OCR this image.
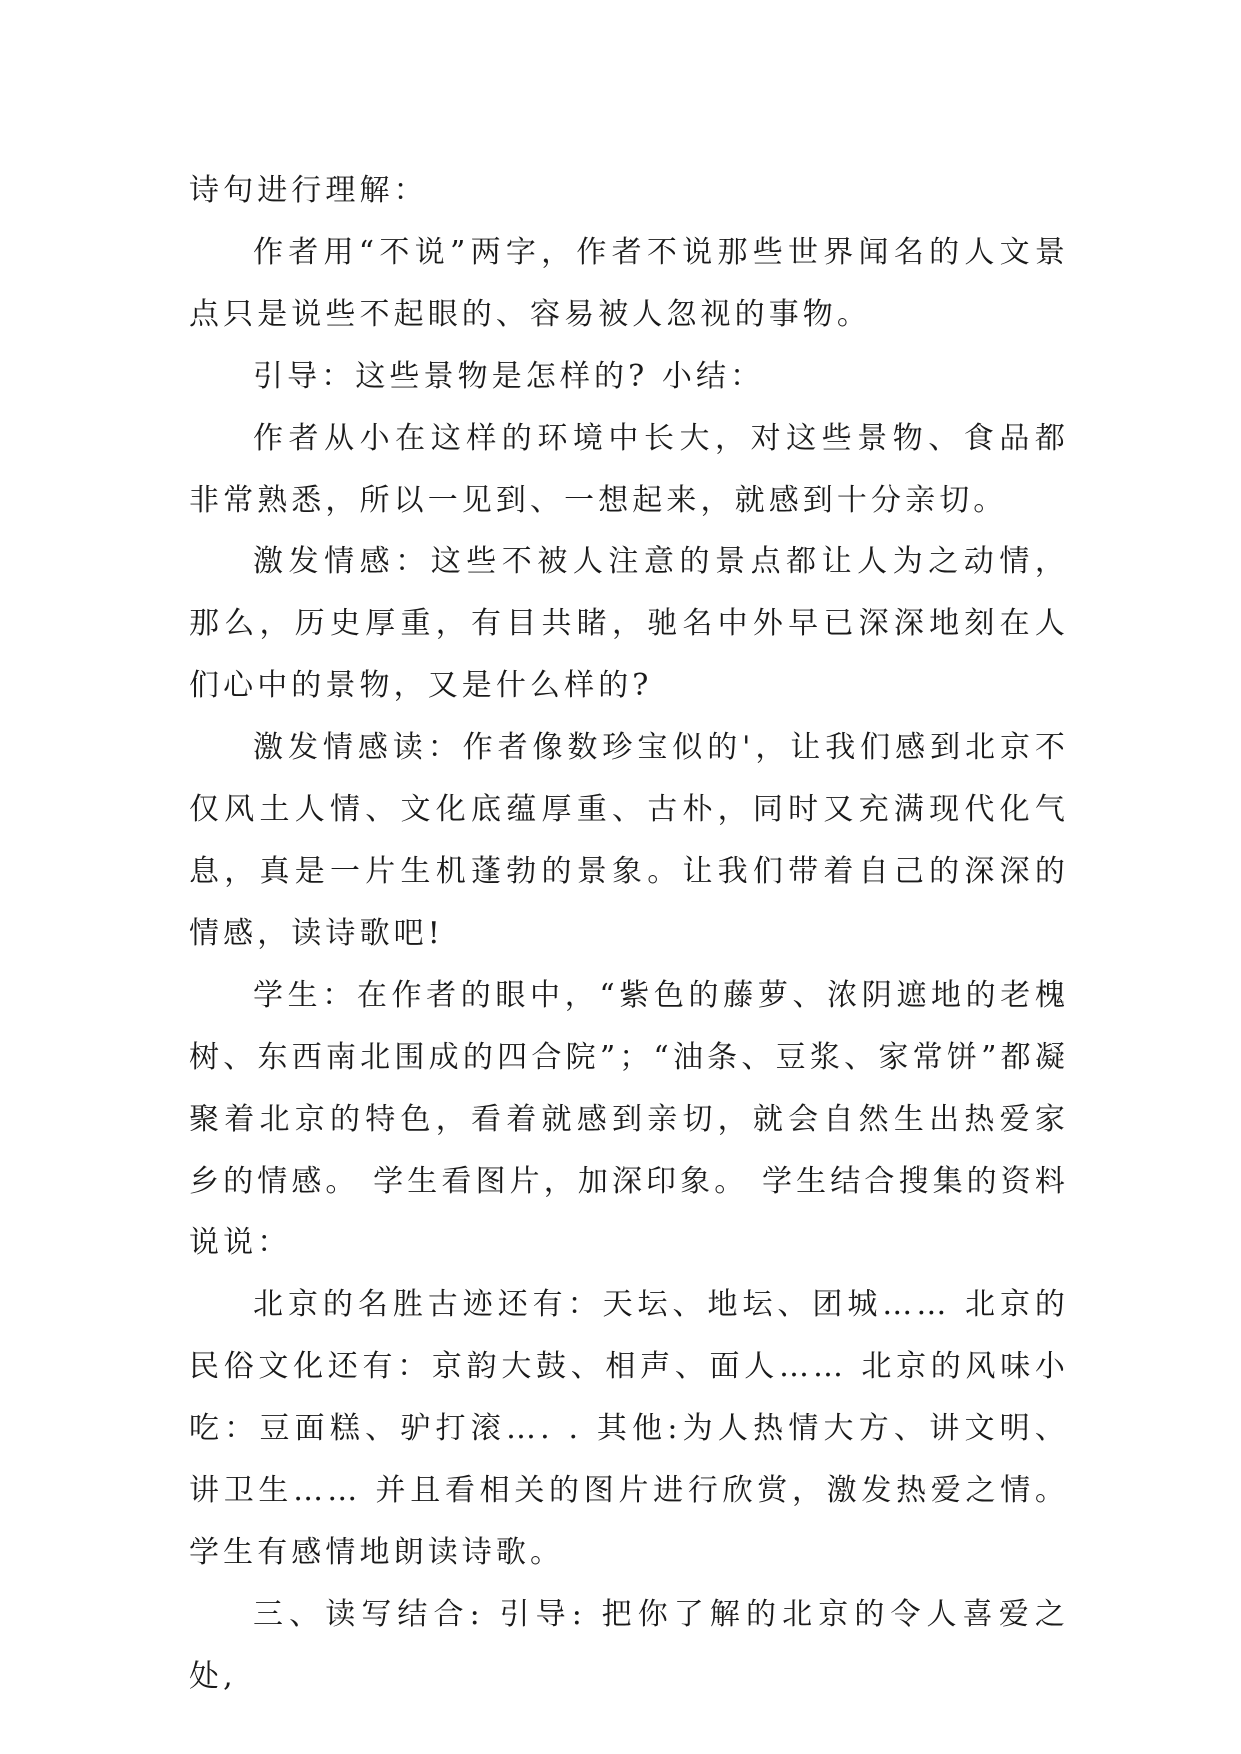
诗句进行理解：

作者用“不说”两字，作者不说那些世界闻名的人文景点只是说些不起眼的、容易被人忽视的事物。

引导：这些景物是怎样的? 小结：

作者从小在这样的环境中长大，对这些景物、食品都非常熟悉，所以一见到、一想起来，就感到十分亲切。

激发情感：这些不被人注意的景点都让人为之动情，那么，历史厚重，有目共睹，驰名中外早已深深地刻在人们心中的景物，又是什么样的?

激发情感读：作者像数珍宝似的'，让我们感到北京不仅风土人情、文化底蕴厚重、古朴，同时又充满现代化气息，真是一片生机蓬勃的景象。让我们带着自己的深深的情感，读诗歌吧!

学生：在作者的眼中，“紫色的藤萝、浓阴遮地的老槐树、东西南北围成的四合院”；“油条、豆浆、家常饼”都凝聚着北京的特色，看着就感到亲切，就会自然生出热爱家乡的情感。 学生看图片，加深印象。 学生结合搜集的资料说说：

北京的名胜古迹还有：天坛、地坛、团城…… 北京的民俗文化还有：京韵大鼓、相声、面人…… 北京的风味小吃：豆面糕、驴打滚…. . 其他:为人热情大方、讲文明、讲卫生…… 并且看相关的图片进行欣赏，激发热爱之情。 学生有感情地朗读诗歌。

三、读写结合: 引导: 把你了解的北京的令人喜爱之处,
